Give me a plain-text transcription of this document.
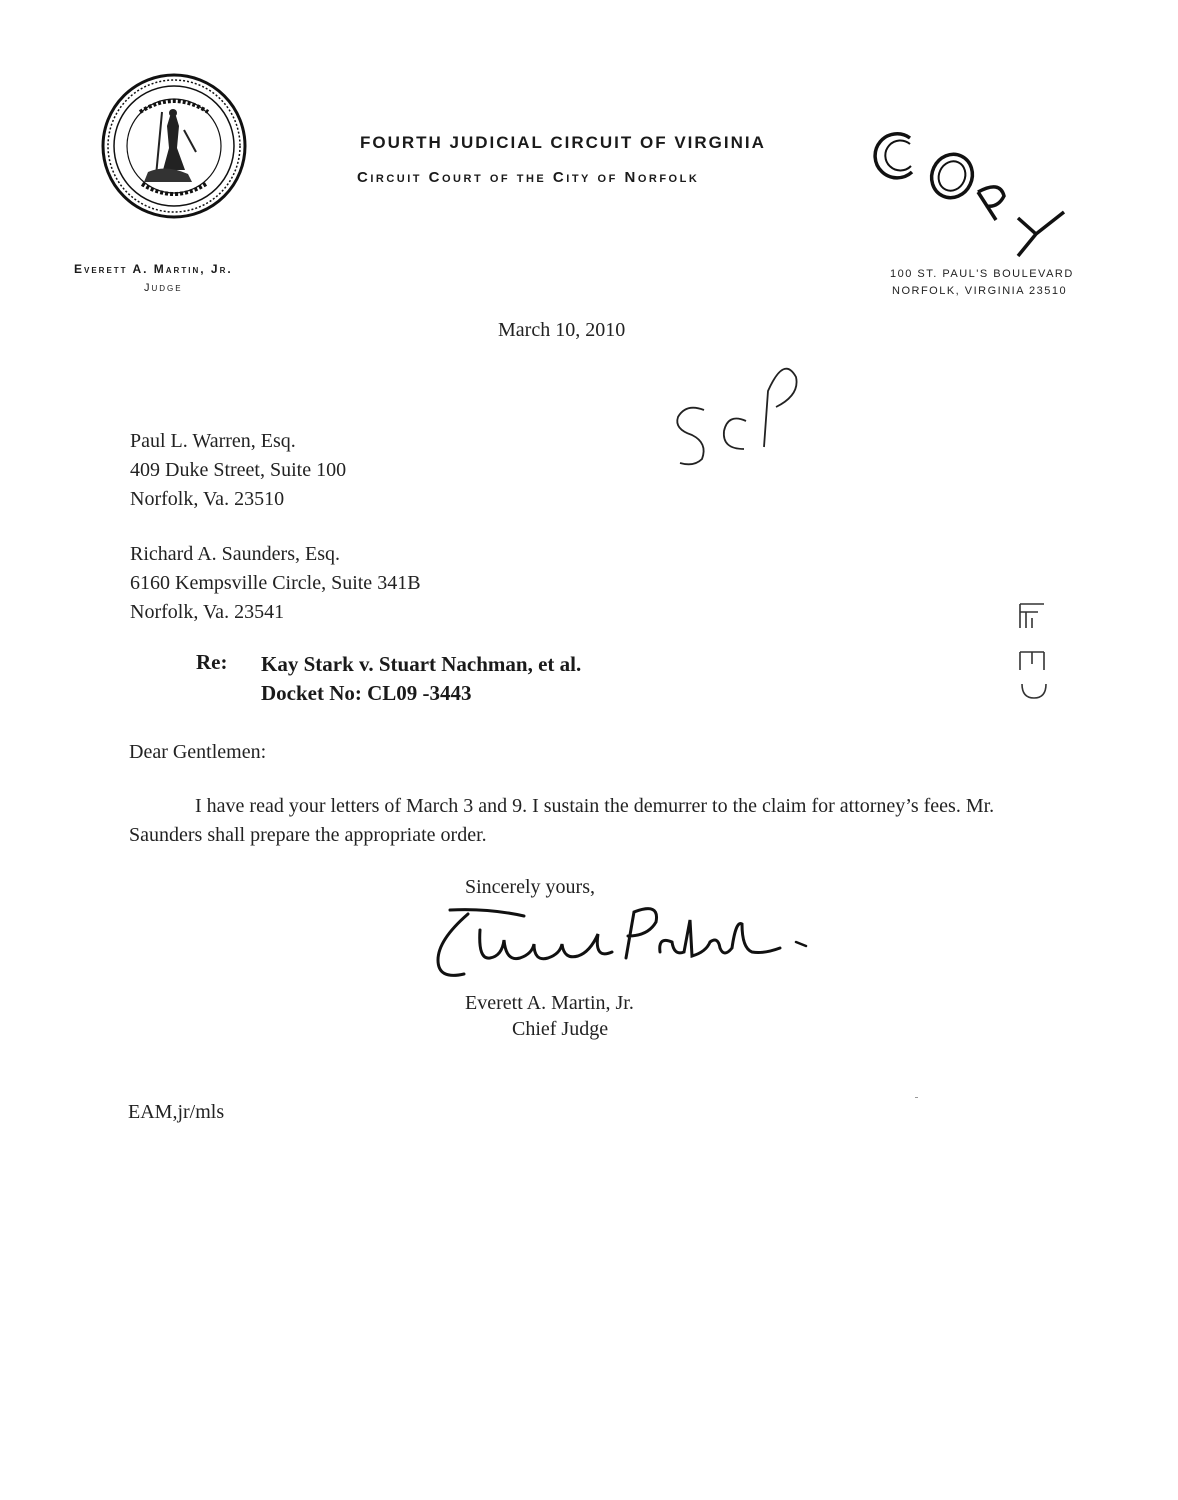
FOURTH JUDICIAL CIRCUIT OF VIRGINIA
Circuit Court of the City of Norfolk
Everett A. Martin, Jr.
Judge
100 ST. PAUL'S BOULEVARD
NORFOLK, VIRGINIA 23510
March 10, 2010
Paul L. Warren, Esq.
409 Duke Street, Suite 100
Norfolk, Va. 23510
Richard A. Saunders, Esq.
6160 Kempsville Circle, Suite 341B
Norfolk, Va. 23541
Re: Kay Stark v. Stuart Nachman, et al.
Docket No: CL09 -3443
Dear Gentlemen:
I have read your letters of March 3 and 9. I sustain the demurrer to the claim for attorney’s fees. Mr. Saunders shall prepare the appropriate order.
Sincerely yours,
Everett A. Martin, Jr.
Chief Judge
EAM,jr/mls
